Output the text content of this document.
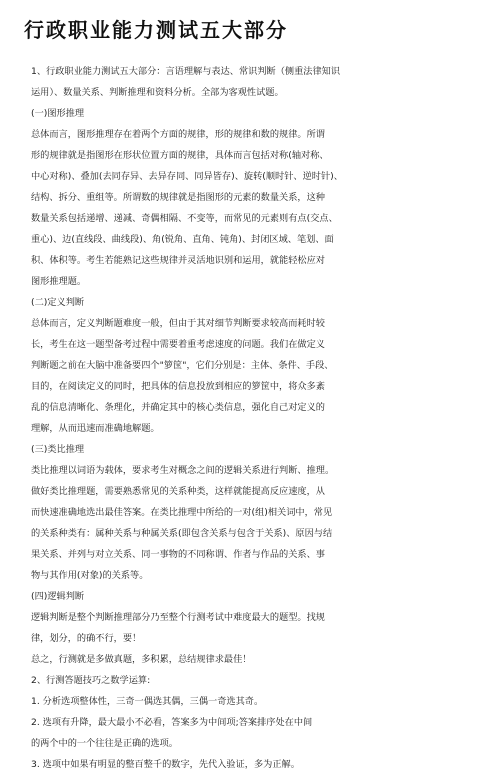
行政职业能力测试五大部分
1、行政职业能力测试五大部分：言语理解与表达、常识判断（侧重法律知识
运用）、数量关系、判断推理和资料分析。全部为客观性试题。
(一)图形推理
总体而言，图形推理存在着两个方面的规律，形的规律和数的规律。所谓
形的规律就是指图形在形状位置方面的规律，具体而言包括对称(轴对称、
中心对称)、叠加(去同存异、去异存同、同异皆存)、旋转(顺时针、逆时针)、
结构、拆分、重组等。所谓数的规律就是指图形的元素的数量关系，这种
数量关系包括递增、递减、奇偶相隔、不变等，而常见的元素则有点(交点、
重心)、边(直线段、曲线段)、角(锐角、直角、钝角)、封闭区域、笔划、面
积、体积等。考生若能熟记这些规律并灵活地识别和运用，就能轻松应对
图形推理题。
(二)定义判断
总体而言，定义判断题难度一般，但由于其对细节判断要求较高而耗时较
长，考生在这一题型备考过程中需要着重考虑速度的问题。我们在做定义
判断题之前在大脑中准备要四个"箩筐"，它们分别是：主体、条件、手段、
目的，在阅读定义的同时，把具体的信息投放到相应的箩筐中，将众多紊
乱的信息清晰化、条理化，并确定其中的核心类信息，强化自己对定义的
理解，从而迅速而准确地解题。
(三)类比推理
类比推理以词语为载体，要求考生对概念之间的逻辑关系进行判断、推理。
做好类比推理题，需要熟悉常见的关系种类，这样就能提高反应速度，从
而快速准确地选出最佳答案。在类比推理中所给的一对(组)相关词中，常见
的关系种类有：属种关系与种属关系(即包含关系与包含于关系)、原因与结
果关系、并列与对立关系、同一事物的不同称谓、作者与作品的关系、事
物与其作用(对象)的关系等。
(四)逻辑判断
逻辑判断是整个判断推理部分乃至整个行测考试中难度最大的题型。找规
律，划分，的确不行，要！
总之，行测就是多做真题，多积累，总结规律求最佳！
2、行测答题技巧之数学运算:
1. 分析选项整体性，三奇一偶选其偶，三偶一奇选其奇。
2. 选项有升降，最大最小不必看，答案多为中间项;答案排序处在中间
的两个中的一个往往是正确的选项。
3. 选项中如果有明显的整百整千的数字，先代入验证，多为正解。
